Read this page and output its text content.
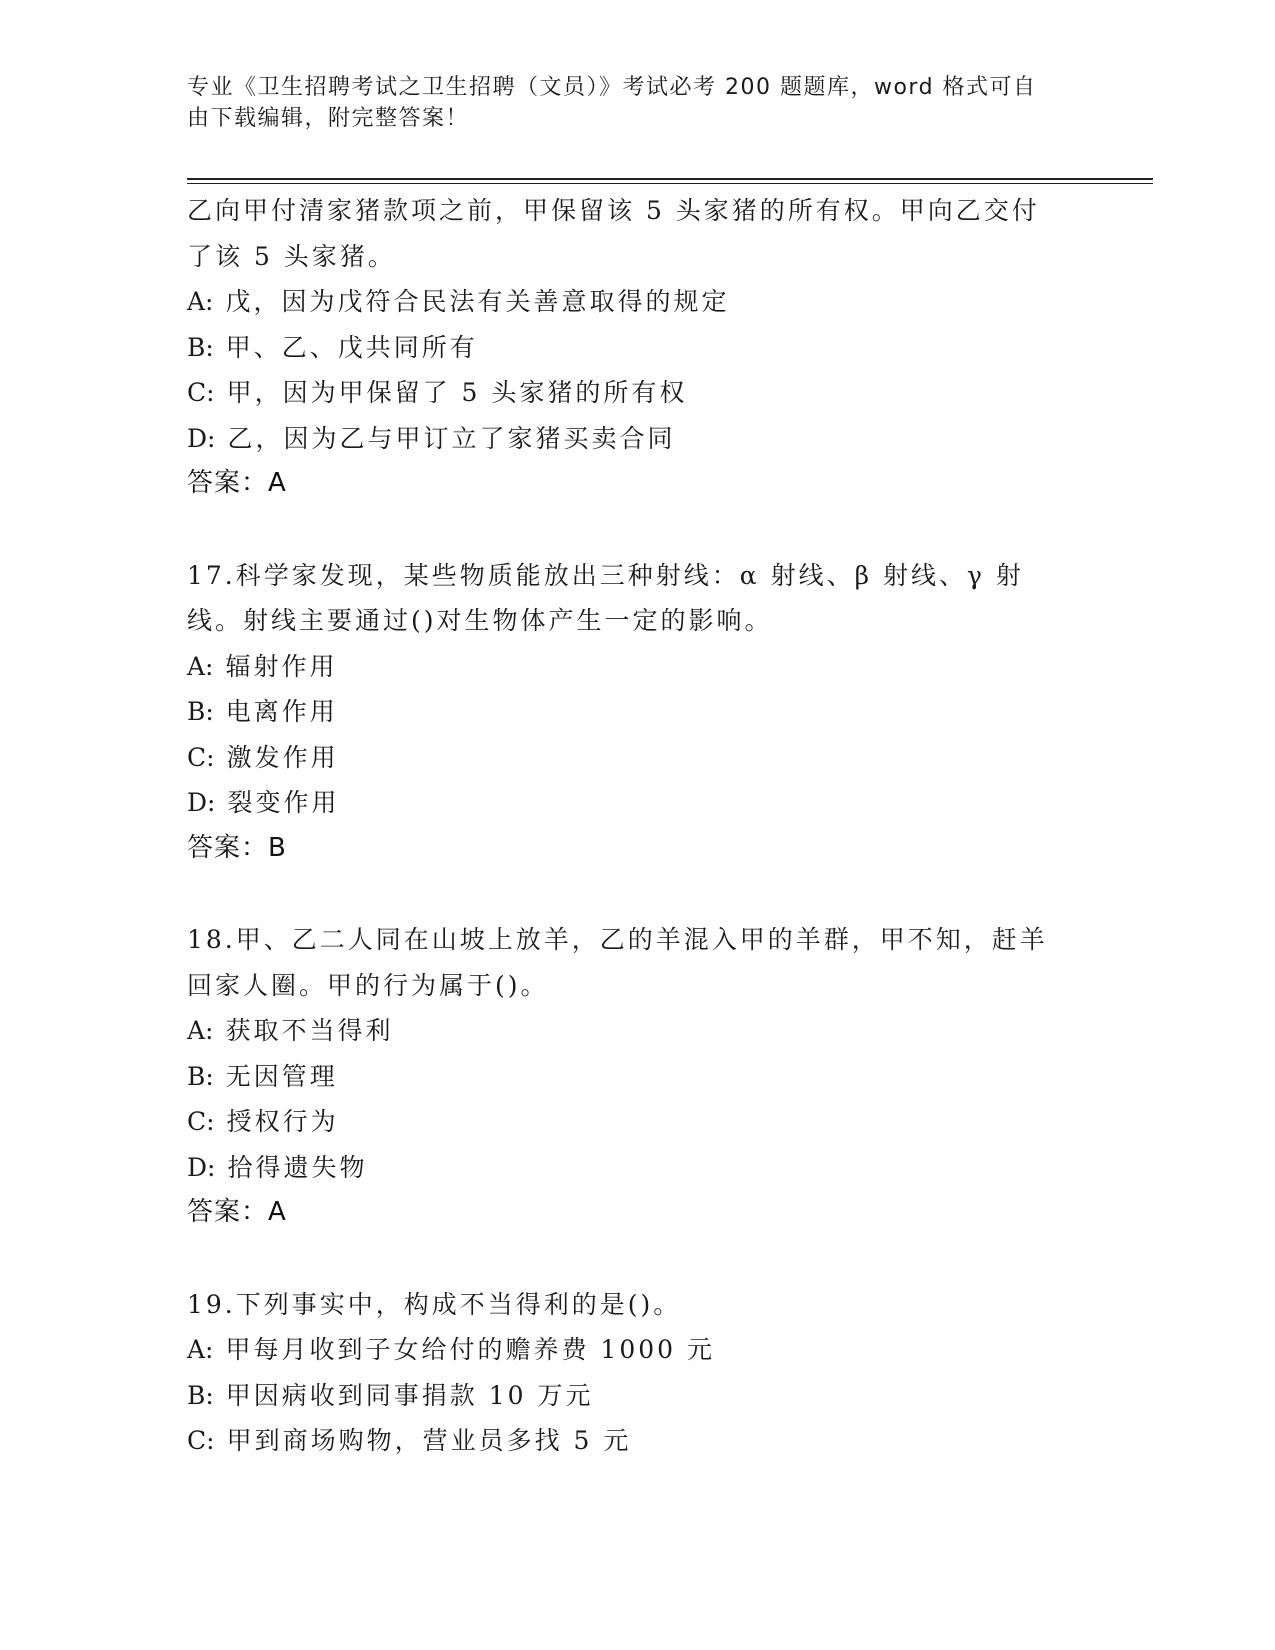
专业《卫生招聘考试之卫生招聘（文员）》考试必考 200 题题库，word 格式可自
由下载编辑，附完整答案！
乙向甲付清家猪款项之前，甲保留该 5 头家猪的所有权。甲向乙交付
了该 5 头家猪。
A: 戊，因为戊符合民法有关善意取得的规定
B: 甲、乙、戊共同所有
C: 甲，因为甲保留了 5 头家猪的所有权
D: 乙，因为乙与甲订立了家猪买卖合同
答案：A
17.科学家发现，某些物质能放出三种射线：α 射线、β 射线、γ 射
线。射线主要通过()对生物体产生一定的影响。
A: 辐射作用
B: 电离作用
C: 激发作用
D: 裂变作用
答案：B
18.甲、乙二人同在山坡上放羊，乙的羊混入甲的羊群，甲不知，赶羊
回家人圈。甲的行为属于()。
A: 获取不当得利
B: 无因管理
C: 授权行为
D: 拾得遗失物
答案：A
19.下列事实中，构成不当得利的是()。
A: 甲每月收到子女给付的赡养费 1000 元
B: 甲因病收到同事捐款 10 万元
C: 甲到商场购物，营业员多找 5 元
